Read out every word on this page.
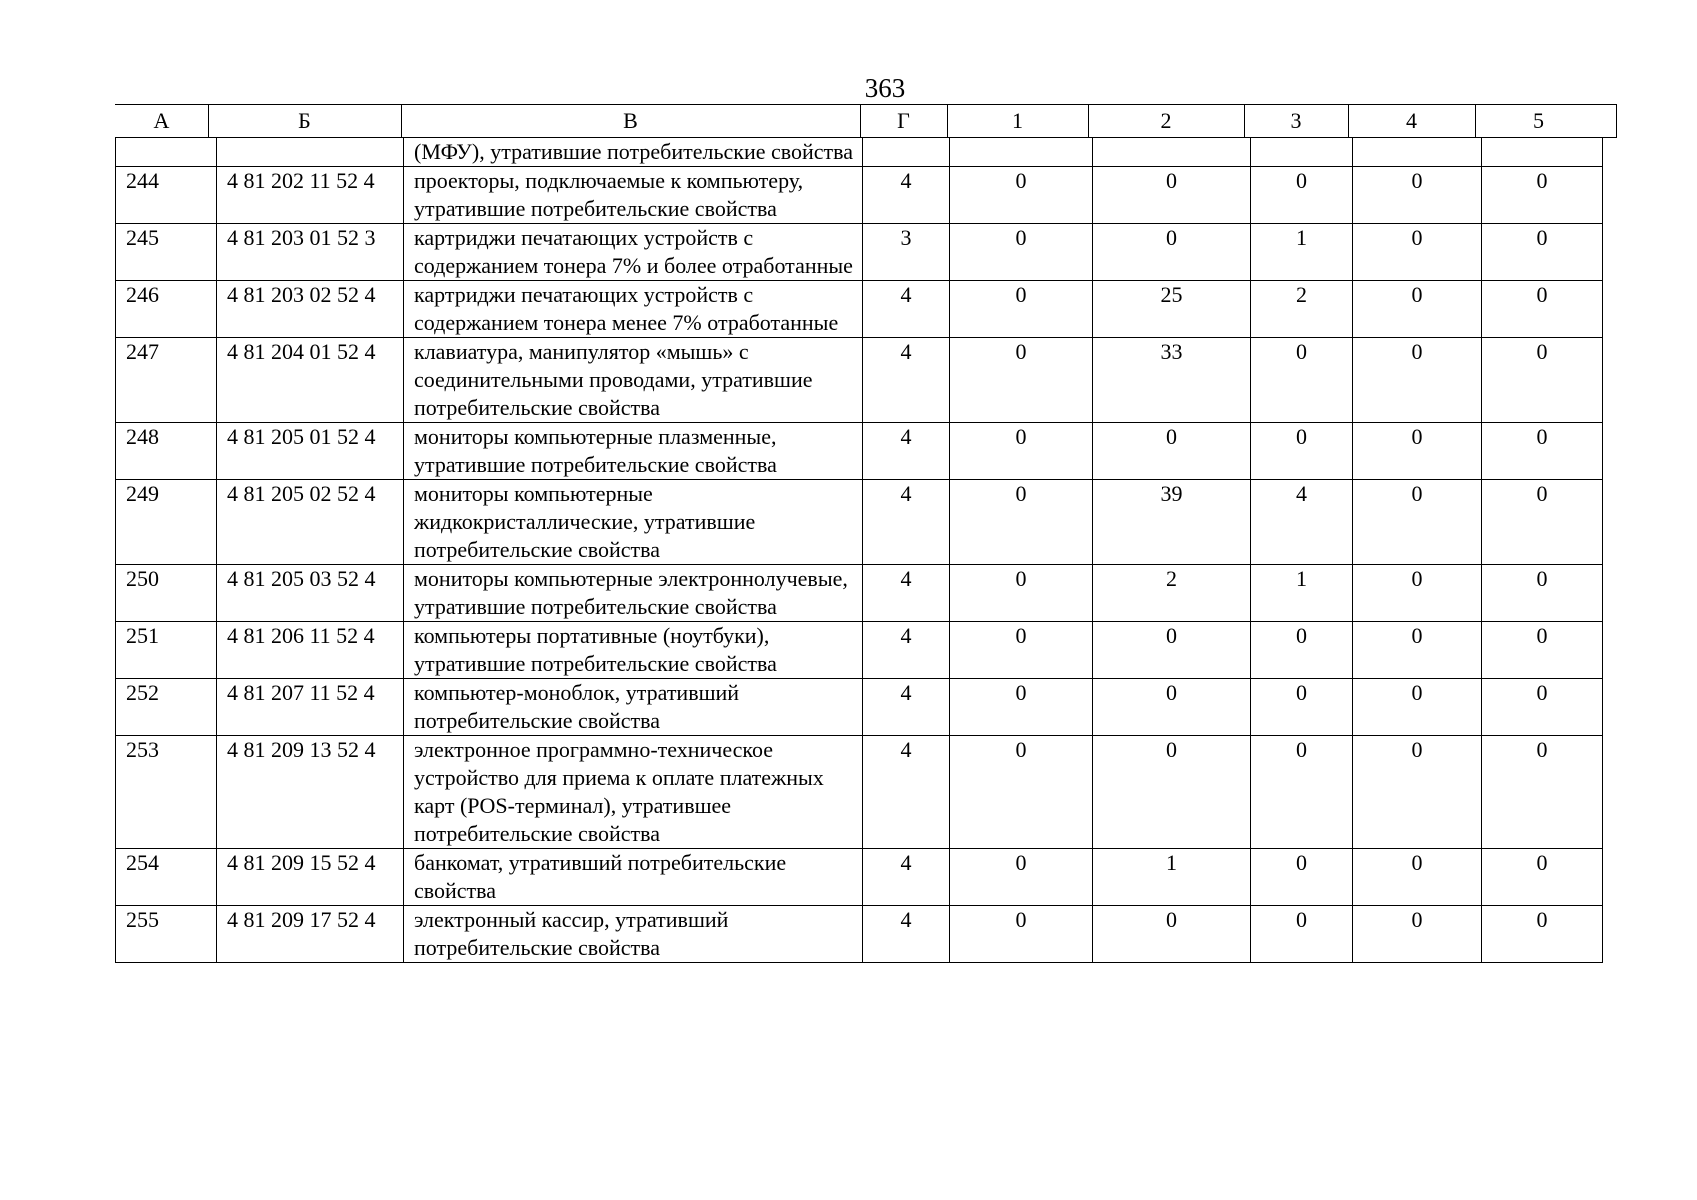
363
А	Б	В	Г	1	2	3	4	5
		(МФУ), утратившие потребительские свойства						
244	4 81 202 11 52 4	проекторы, подключаемые к компьютеру, утратившие потребительские свойства	4	0	0	0	0	0
245	4 81 203 01 52 3	картриджи печатающих устройств с содержанием тонера 7% и более отработанные	3	0	0	1	0	0
246	4 81 203 02 52 4	картриджи печатающих устройств с содержанием тонера менее 7% отработанные	4	0	25	2	0	0
247	4 81 204 01 52 4	клавиатура, манипулятор «мышь» с соединительными проводами, утратившие потребительские свойства	4	0	33	0	0	0
248	4 81 205 01 52 4	мониторы компьютерные плазменные, утратившие потребительские свойства	4	0	0	0	0	0
249	4 81 205 02 52 4	мониторы компьютерные жидкокристаллические, утратившие потребительские свойства	4	0	39	4	0	0
250	4 81 205 03 52 4	мониторы компьютерные электроннолучевые, утратившие потребительские свойства	4	0	2	1	0	0
251	4 81 206 11 52 4	компьютеры портативные (ноутбуки), утратившие потребительские свойства	4	0	0	0	0	0
252	4 81 207 11 52 4	компьютер-моноблок, утративший потребительские свойства	4	0	0	0	0	0
253	4 81 209 13 52 4	электронное программно-техническое устройство для приема к оплате платежных карт (POS-терминал), утратившее потребительские свойства	4	0	0	0	0	0
254	4 81 209 15 52 4	банкомат, утративший потребительские свойства	4	0	1	0	0	0
255	4 81 209 17 52 4	электронный кассир, утративший потребительские свойства	4	0	0	0	0	0
